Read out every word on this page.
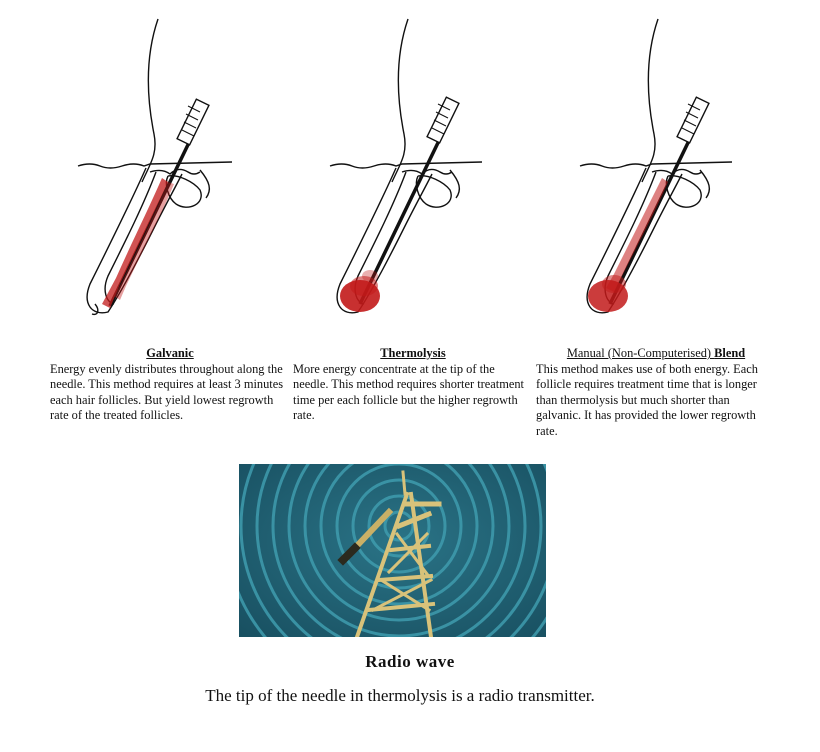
Galvanic
Energy evenly distributes throughout along the needle. This method requires at least 3 minutes each hair follicles. But yield lowest regrowth rate of the treated follicles.
Thermolysis
More energy concentrate at the tip of the needle. This method requires shorter treatment time per each follicle but the higher regrowth rate.
Manual (Non-Computerised) Blend
This method makes use of both energy. Each follicle requires treatment time that is longer than thermolysis but much shorter than galvanic. It has provided the lower regrowth rate.
Radio wave
The tip of the needle in thermolysis is a radio transmitter.
